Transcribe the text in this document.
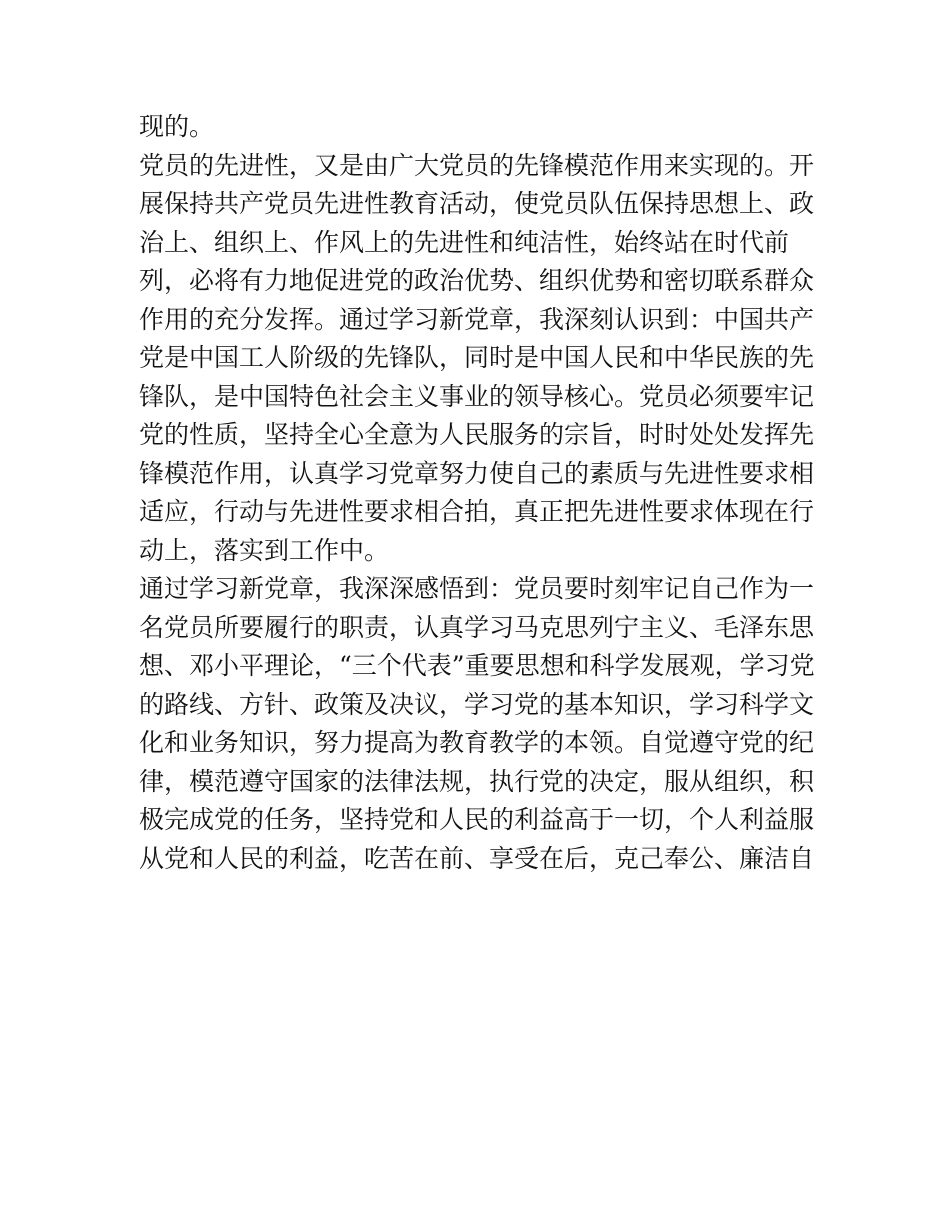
现的。
党员的先进性，又是由广大党员的先锋模范作用来实现的。开
展保持共产党员先进性教育活动，使党员队伍保持思想上、政
治上、组织上、作风上的先进性和纯洁性，始终站在时代前
列，必将有力地促进党的政治优势、组织优势和密切联系群众
作用的充分发挥。通过学习新党章，我深刻认识到：中国共产
党是中国工人阶级的先锋队，同时是中国人民和中华民族的先
锋队，是中国特色社会主义事业的领导核心。党员必须要牢记
党的性质，坚持全心全意为人民服务的宗旨，时时处处发挥先
锋模范作用，认真学习党章努力使自己的素质与先进性要求相
适应，行动与先进性要求相合拍，真正把先进性要求体现在行
动上，落实到工作中。
通过学习新党章，我深深感悟到：党员要时刻牢记自己作为一
名党员所要履行的职责，认真学习马克思列宁主义、毛泽东思
想、邓小平理论，“三个代表”重要思想和科学发展观，学习党
的路线、方针、政策及决议，学习党的基本知识，学习科学文
化和业务知识，努力提高为教育教学的本领。自觉遵守党的纪
律，模范遵守国家的法律法规，执行党的决定，服从组织，积
极完成党的任务，坚持党和人民的利益高于一切，个人利益服
从党和人民的利益，吃苦在前、享受在后，克己奉公、廉洁自
